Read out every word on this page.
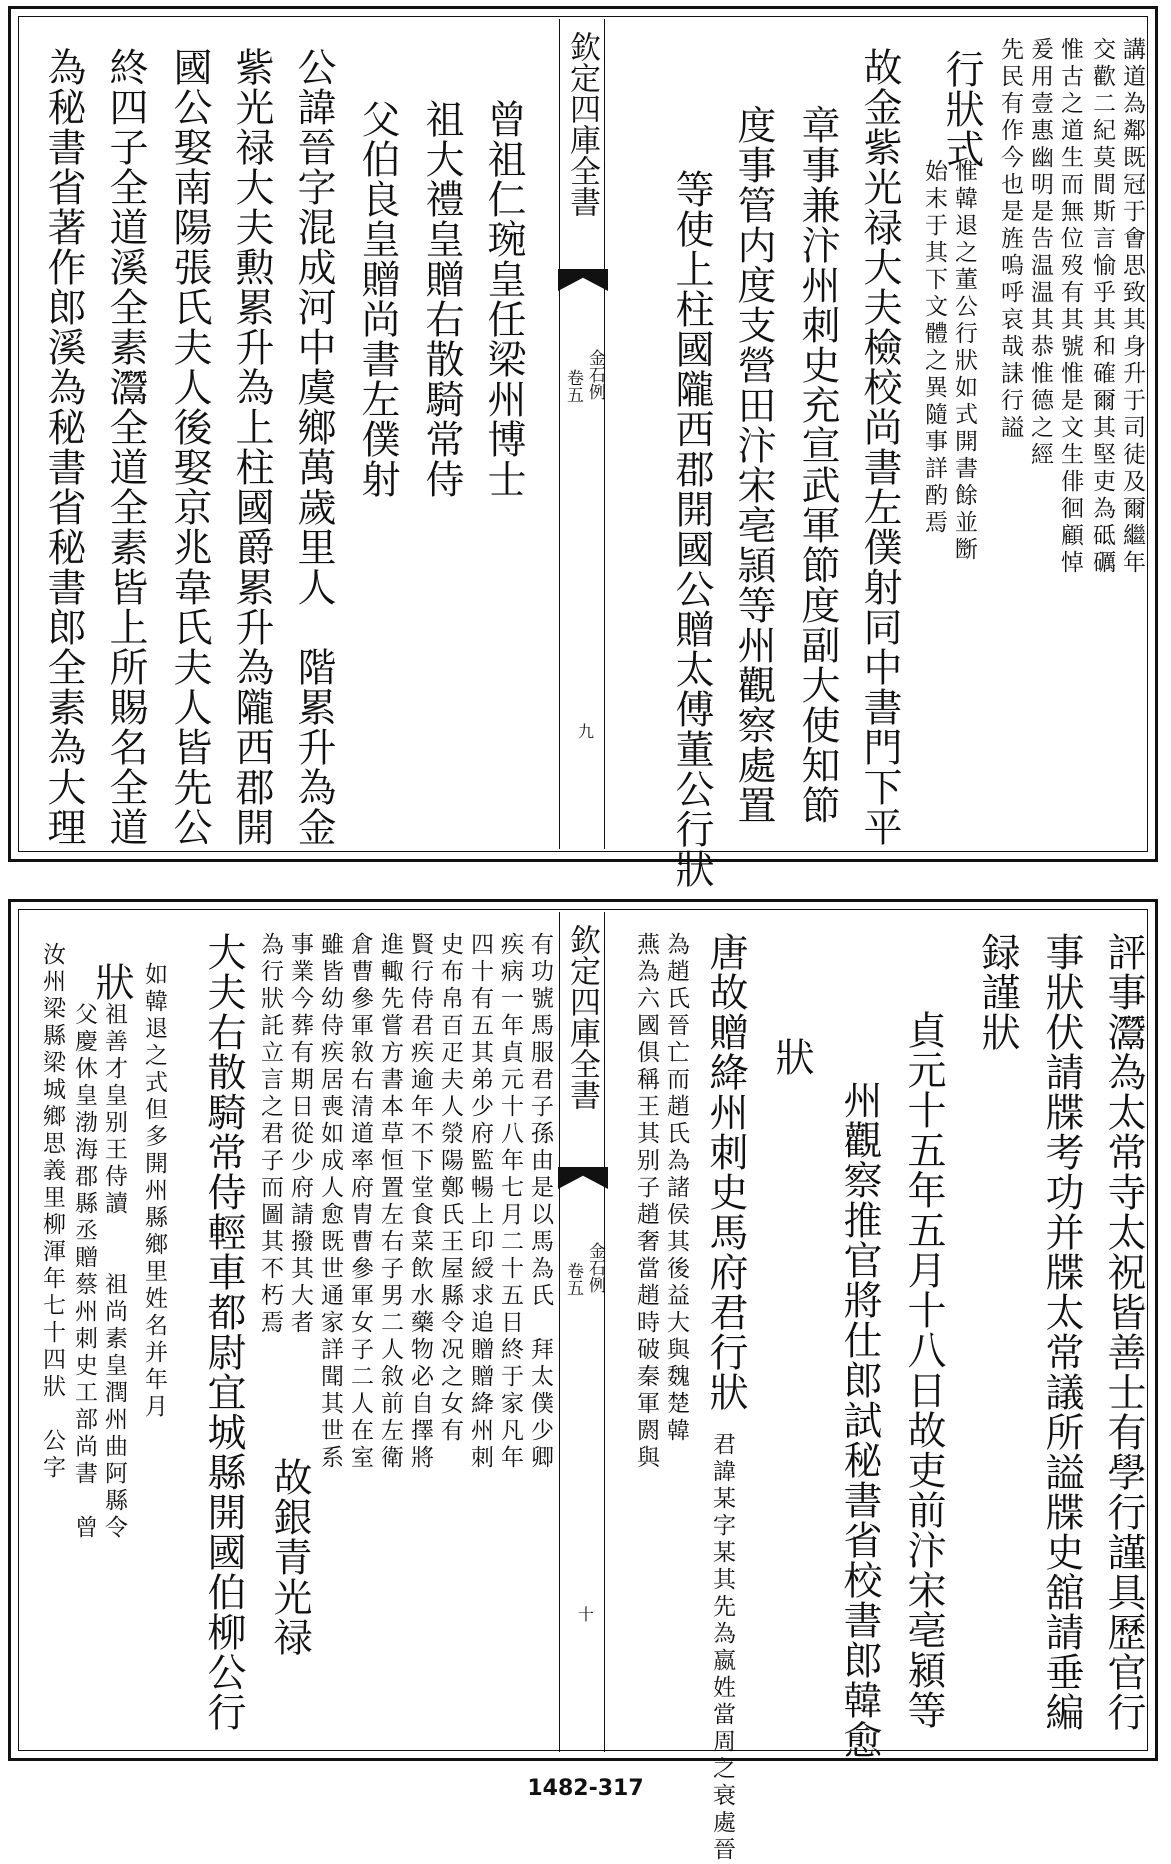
講道為鄰既冠于㑹思致其身升于司徒及爾繼年
交歡二紀莫間斯言愉乎其和確爾其堅吏為砥礪
惟古之道生而無位歿有其號惟是文生俳徊顧悼
爰用壹惠幽明是告温温其恭惟德之經
先民有作今也是旌嗚呼哀哉誄行謚
行狀式
惟韓退之董公行狀如式開書餘並㫁
始末于其下文體之異隨事詳酌焉
故金紫光禄大夫檢校尚書左僕射同中書門下平
章事兼汴州刺史充宣武軍節度副大使知節
度事管内度支營田汴宋亳頴等州觀察處置
等使上柱國隴西郡開國公贈太傅董公行狀
欽定四庫全書
金石例
卷五
九
曾祖仁琬皇任梁州博士
祖大禮皇贈右散騎常侍
父伯良皇贈尚書左僕射
公諱晉字混成河中虞鄉萬歲里人　階累升為金
紫光禄大夫勲累升為上柱國爵累升為隴西郡開
國公娶南陽張氏夫人後娶京兆韋氏夫人皆先公
終四子全道溪全素灊全道全素皆上所賜名全道
為秘書省著作郎溪為秘書省秘書郎全素為大理
評事灊為太常寺太祝皆善士有學行謹具歷官行
事狀伏請牒考功并牒太常議所謚牒史舘請垂編
録謹狀
貞元十五年五月十八日故吏前汴宋亳潁等
州觀察推官將仕郎試秘書省校書郎韓愈
狀
唐故贈絳州刺史馬府君行狀
君諱某字某其先為嬴姓當周之衰處晉
為趙氏晉亡而趙氏為諸侯其後益大與魏楚韓
燕為六國俱稱王其别子趙奢當趙時破秦軍閼與
欽定四庫全書
金石例
卷五
十
有功號馬服君子孫由是以馬為氏　拜太僕少卿
疾病一年貞元十八年七月二十五日終于家凡年
四十有五其弟少府監暢上印綬求追贈贈絳州刺
史布帛百疋夫人滎陽鄭氏王屋縣令况之女有
賢行侍君疾逾年不下堂食菜飲水藥物必自擇將
進輙先嘗方書本草恒置左右子男二人敘前左衛
倉曹參軍敘右清道率府胄曹參軍女子二人在室
雖皆幼侍疾居喪如成人愈既世通家詳聞其世系
事業今葬有期日從少府請撥其大者
為行狀託立言之君子而圖其不朽焉
故銀青光禄
大夫右散騎常侍輕車都尉宜城縣開國伯柳公行
狀 如韓退之式但多開州縣鄉里姓名并年月
祖善才皇别王侍讀　　祖尚素皇潤州曲阿縣令
父慶休皇渤海郡縣丞贈蔡州刺史工部尚書　曾
汝州梁縣梁城鄉思義里柳渾年七十四狀　公字
1482-317
